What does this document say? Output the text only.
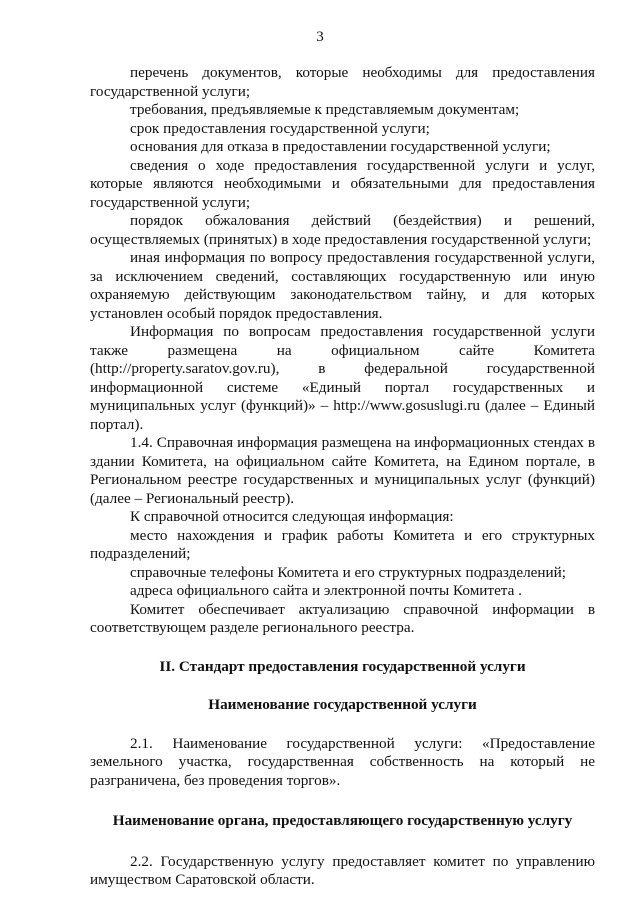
3

перечень документов, которые необходимы для предоставления государственной услуги;

требования, предъявляемые к представляемым документам;

срок предоставления государственной услуги;

основания для отказа в предоставлении государственной услуги;

сведения о ходе предоставления государственной услуги и услуг, которые являются необходимыми и обязательными для предоставления государственной услуги;

порядок обжалования действий (бездействия) и решений, осуществляемых (принятых) в ходе предоставления государственной услуги;

иная информация по вопросу предоставления государственной услуги, за исключением сведений, составляющих государственную или иную охраняемую действующим законодательством тайну, и для которых установлен особый порядок предоставления.

Информация по вопросам предоставления государственной услуги также размещена на официальном сайте Комитета (http://property.saratov.gov.ru), в федеральной государственной информационной системе «Единый портал государственных и муниципальных услуг (функций)» – http://www.gosuslugi.ru (далее – Единый портал).

1.4. Справочная информация размещена на информационных стендах в здании Комитета, на официальном сайте Комитета, на Едином портале, в Региональном реестре государственных и муниципальных услуг (функций) (далее – Региональный реестр).

К справочной относится следующая информация:

место нахождения и график работы Комитета и его структурных подразделений;

справочные телефоны Комитета и его структурных подразделений;

адреса официального сайта и электронной почты Комитета .

Комитет обеспечивает актуализацию справочной информации в соответствующем разделе регионального реестра.

II. Стандарт предоставления государственной услуги

Наименование государственной услуги

2.1. Наименование государственной услуги: «Предоставление земельного участка, государственная собственность на который не разграничена, без проведения торгов».

Наименование органа, предоставляющего государственную услугу

2.2. Государственную услугу предоставляет комитет по управлению имуществом Саратовской области.
